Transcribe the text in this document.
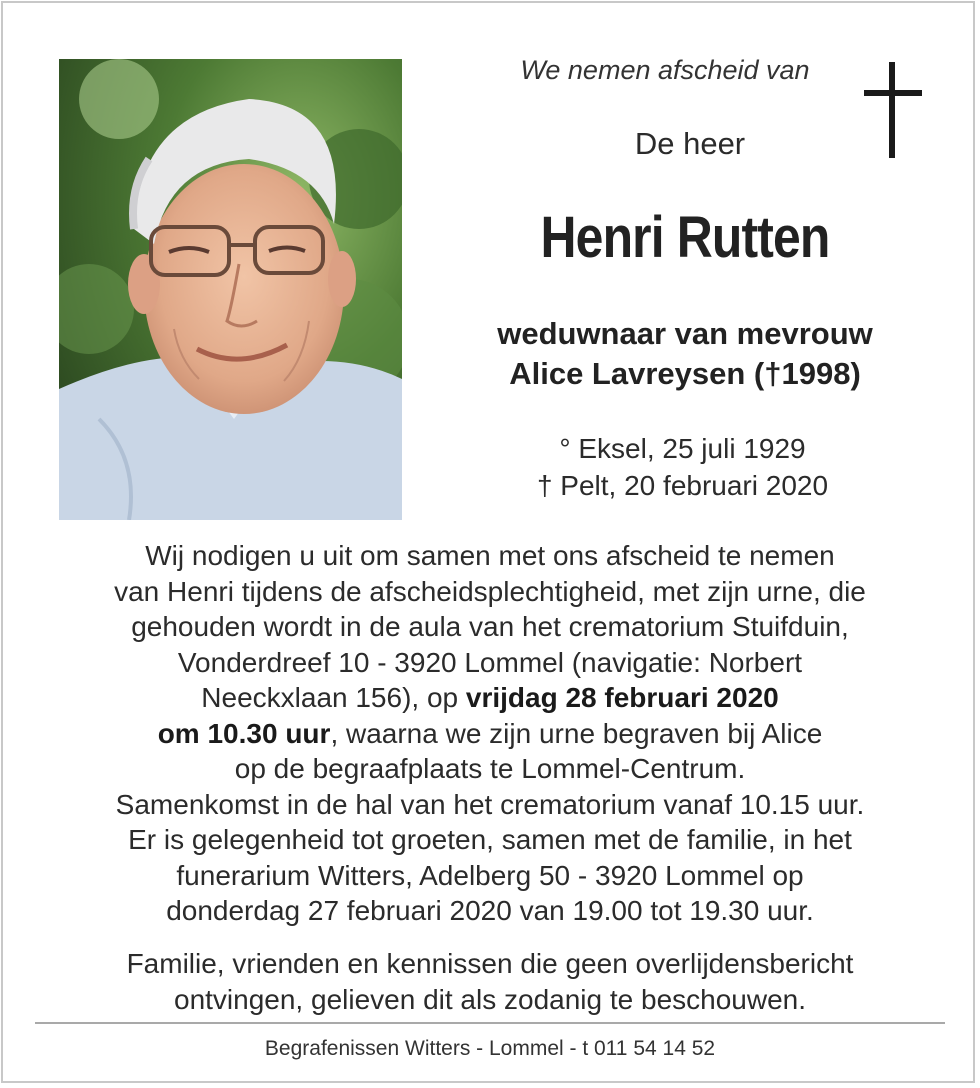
We nemen afscheid van
De heer
Henri Rutten
weduwnaar van mevrouw
Alice Lavreysen (†1998)
° Eksel, 25 juli 1929
† Pelt, 20 februari 2020
Wij nodigen u uit om samen met ons afscheid te nemen
van Henri tijdens de afscheidsplechtigheid, met zijn urne, die
gehouden wordt in de aula van het crematorium Stuifduin,
Vonderdreef 10 - 3920 Lommel (navigatie: Norbert
Neeckxlaan 156), op vrijdag 28 februari 2020
om 10.30 uur, waarna we zijn urne begraven bij Alice
op de begraafplaats te Lommel-Centrum.
Samenkomst in de hal van het crematorium vanaf 10.15 uur.
Er is gelegenheid tot groeten, samen met de familie, in het
funerarium Witters, Adelberg 50 - 3920 Lommel op
donderdag 27 februari 2020 van 19.00 tot 19.30 uur.
Familie, vrienden en kennissen die geen overlijdensbericht
ontvingen, gelieven dit als zodanig te beschouwen.
Begrafenissen Witters - Lommel - t 011 54 14 52
